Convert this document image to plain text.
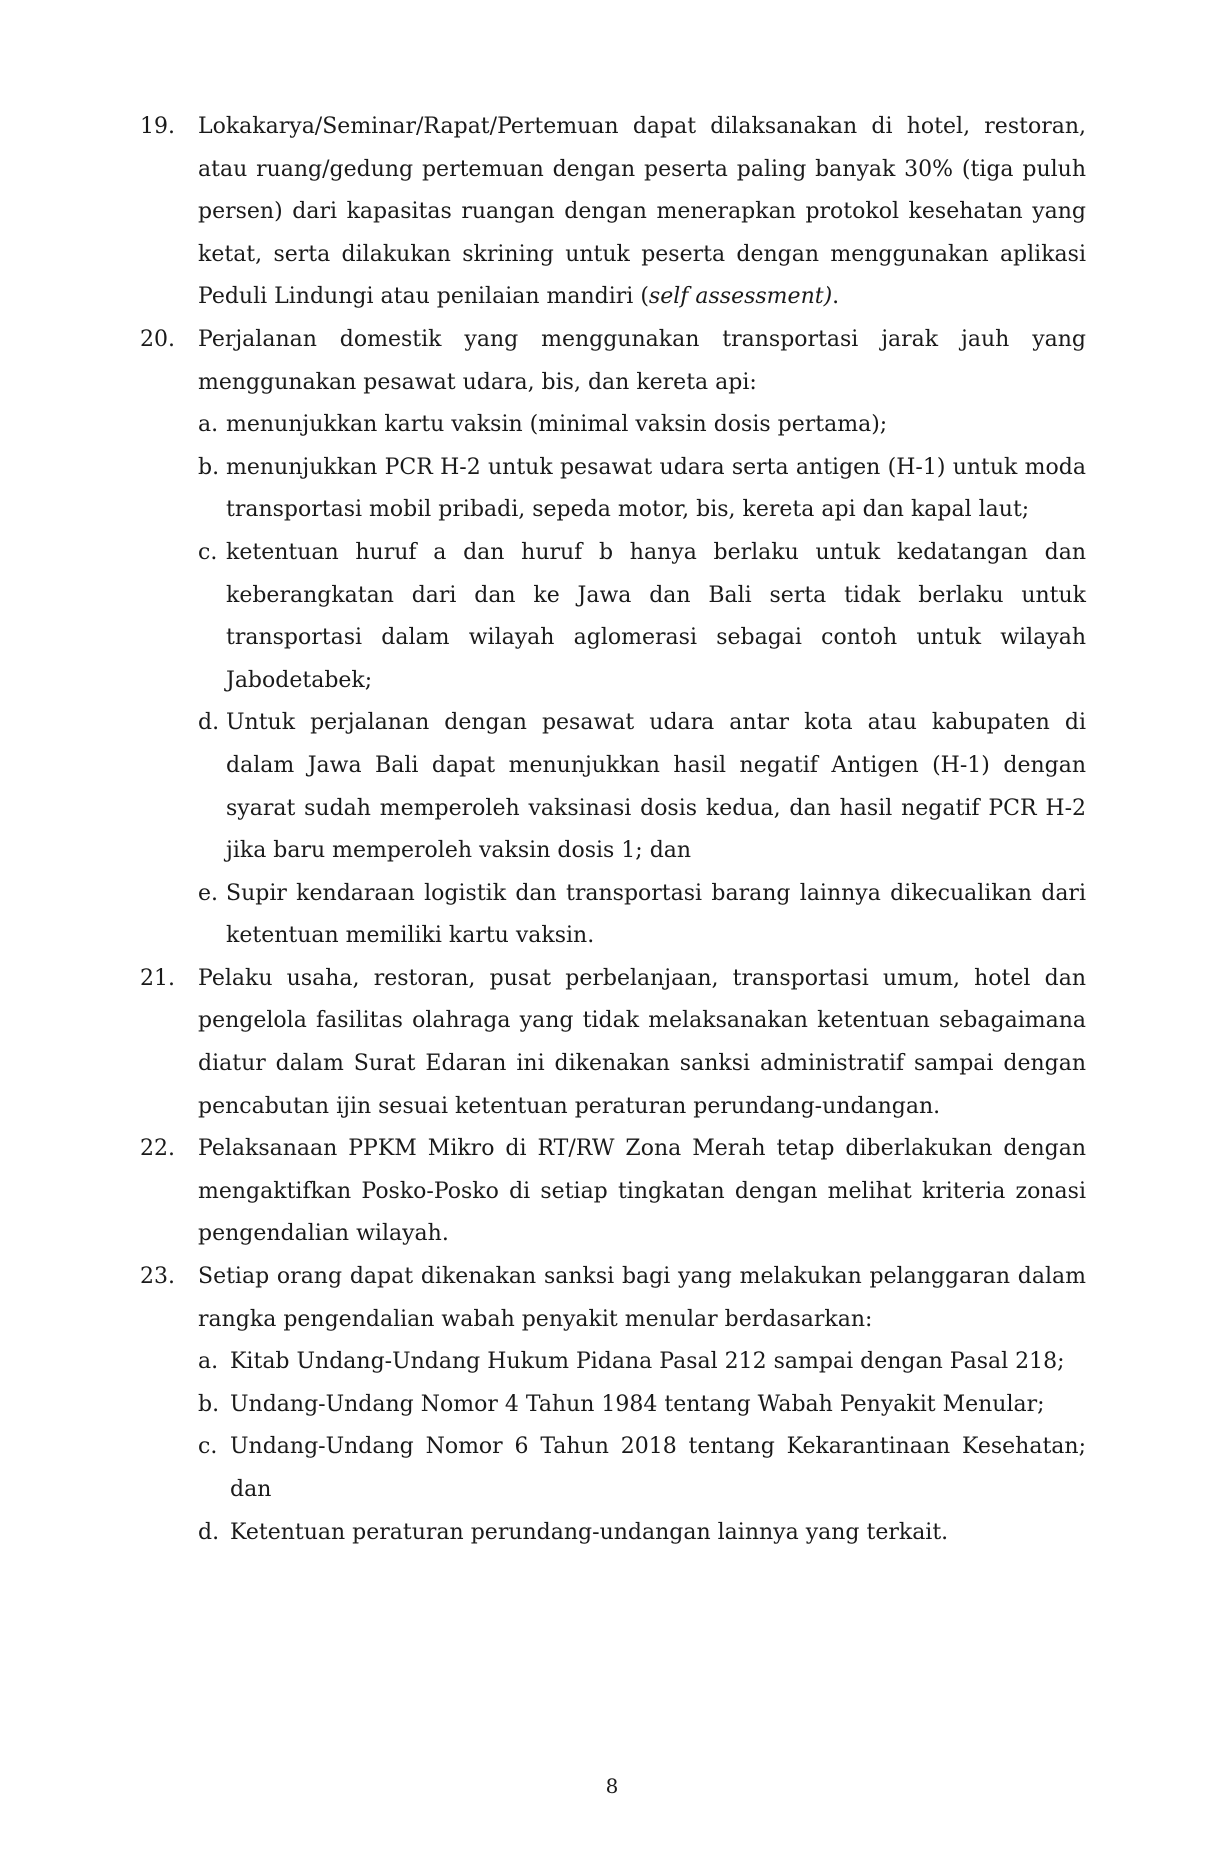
19. Lokakarya/Seminar/Rapat/Pertemuan dapat dilaksanakan di hotel, restoran, atau ruang/gedung pertemuan dengan peserta paling banyak 30% (tiga puluh persen) dari kapasitas ruangan dengan menerapkan protokol kesehatan yang ketat, serta dilakukan skrining untuk peserta dengan menggunakan aplikasi Peduli Lindungi atau penilaian mandiri (self assessment).

20. Perjalanan domestik yang menggunakan transportasi jarak jauh yang menggunakan pesawat udara, bis, dan kereta api:

a. menunjukkan kartu vaksin (minimal vaksin dosis pertama);

b. menunjukkan PCR H-2 untuk pesawat udara serta antigen (H-1) untuk moda transportasi mobil pribadi, sepeda motor, bis, kereta api dan kapal laut;

c. ketentuan huruf a dan huruf b hanya berlaku untuk kedatangan dan keberangkatan dari dan ke Jawa dan Bali serta tidak berlaku untuk transportasi dalam wilayah aglomerasi sebagai contoh untuk wilayah Jabodetabek;

d. Untuk perjalanan dengan pesawat udara antar kota atau kabupaten di dalam Jawa Bali dapat menunjukkan hasil negatif Antigen (H-1) dengan syarat sudah memperoleh vaksinasi dosis kedua, dan hasil negatif PCR H-2 jika baru memperoleh vaksin dosis 1; dan

e. Supir kendaraan logistik dan transportasi barang lainnya dikecualikan dari ketentuan memiliki kartu vaksin.

21. Pelaku usaha, restoran, pusat perbelanjaan, transportasi umum, hotel dan pengelola fasilitas olahraga yang tidak melaksanakan ketentuan sebagaimana diatur dalam Surat Edaran ini dikenakan sanksi administratif sampai dengan pencabutan ijin sesuai ketentuan peraturan perundang-undangan.

22. Pelaksanaan PPKM Mikro di RT/RW Zona Merah tetap diberlakukan dengan mengaktifkan Posko-Posko di setiap tingkatan dengan melihat kriteria zonasi pengendalian wilayah.

23. Setiap orang dapat dikenakan sanksi bagi yang melakukan pelanggaran dalam rangka pengendalian wabah penyakit menular berdasarkan:

a. Kitab Undang-Undang Hukum Pidana Pasal 212 sampai dengan Pasal 218;

b. Undang-Undang Nomor 4 Tahun 1984 tentang Wabah Penyakit Menular;

c. Undang-Undang Nomor 6 Tahun 2018 tentang Kekarantinaan Kesehatan; dan

d. Ketentuan peraturan perundang-undangan lainnya yang terkait.

8
